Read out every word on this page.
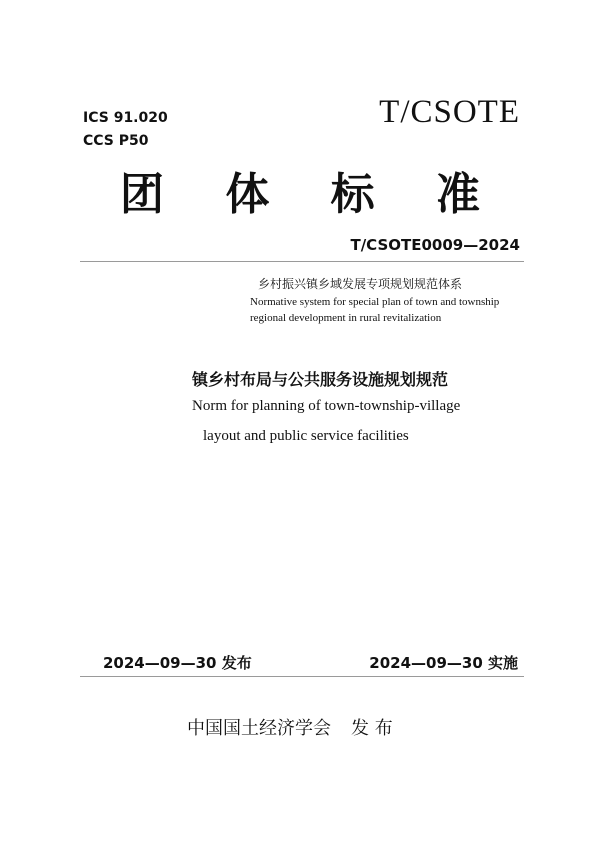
ICS 91.020
CCS P50
T/CSOTE
团 体 标 准
T/CSOTE0009—2024
乡村振兴镇乡域发展专项规划规范体系
Normative system for special plan of town and township
regional development in rural revitalization
镇乡村布局与公共服务设施规划规范
Norm for planning of town-township-village
layout and public service facilities
2024—09—30 发布	2024—09—30 实施
中国国土经济学会 发 布
